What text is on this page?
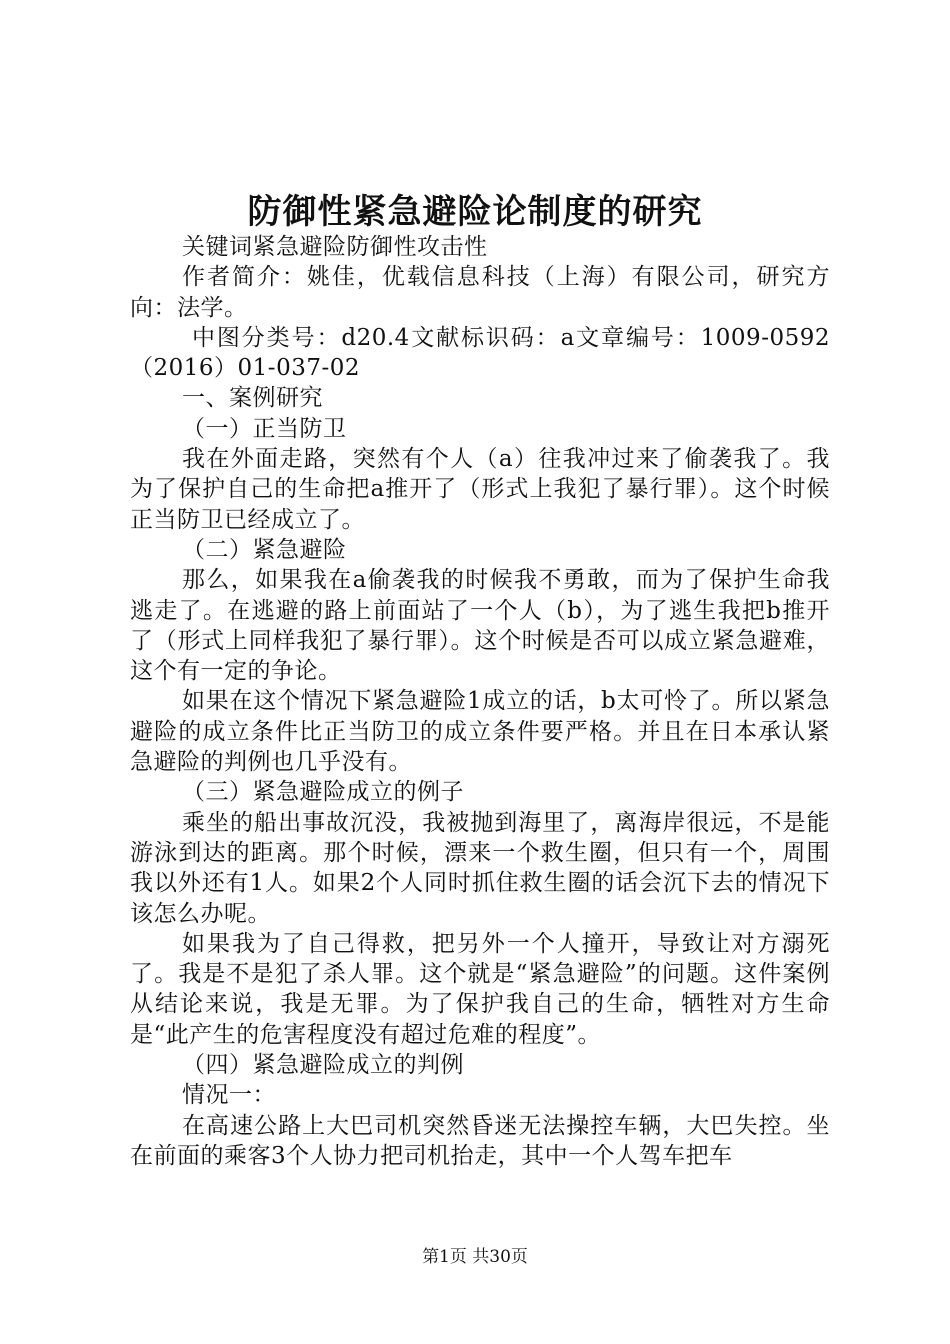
防御性紧急避险论制度的研究

关键词紧急避险防御性攻击性

作者简介：姚佳，优载信息科技（上海）有限公司，研究方向：法学。

中图分类号：d20.4文献标识码：a文章编号：1009-0592（2016）01-037-02

一、案例研究

（一）正当防卫

我在外面走路，突然有个人（a）往我冲过来了偷袭我了。我为了保护自己的生命把a推开了（形式上我犯了暴行罪）。这个时候正当防卫已经成立了。

（二）紧急避险

那么，如果我在a偷袭我的时候我不勇敢，而为了保护生命我逃走了。在逃避的路上前面站了一个人（b），为了逃生我把b推开了（形式上同样我犯了暴行罪）。这个时候是否可以成立紧急避难，这个有一定的争论。

如果在这个情况下紧急避险1成立的话，b太可怜了。所以紧急避险的成立条件比正当防卫的成立条件要严格。并且在日本承认紧急避险的判例也几乎没有。

（三）紧急避险成立的例子

乘坐的船出事故沉没，我被抛到海里了，离海岸很远，不是能游泳到达的距离。那个时候，漂来一个救生圈，但只有一个，周围我以外还有1人。如果2个人同时抓住救生圈的话会沉下去的情况下该怎么办呢。

如果我为了自己得救，把另外一个人撞开，导致让对方溺死了。我是不是犯了杀人罪。这个就是“紧急避险”的问题。这件案例从结论来说，我是无罪。为了保护我自己的生命，牺牲对方生命是“此产生的危害程度没有超过危难的程度”。

（四）紧急避险成立的判例

情况一：

在高速公路上大巴司机突然昏迷无法操控车辆，大巴失控。坐在前面的乘客3个人协力把司机抬走，其中一个人驾车把车

第1页 共30页
